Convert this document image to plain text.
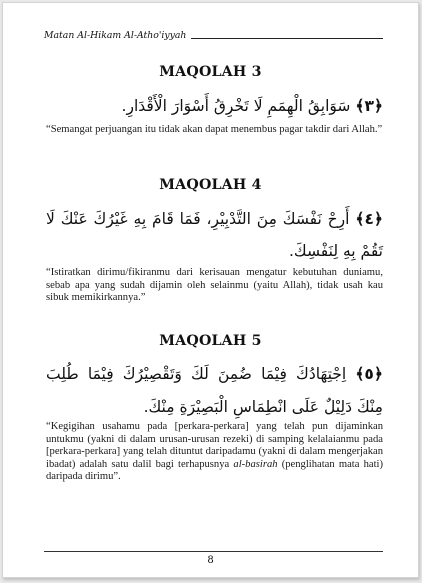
Matan Al-Hikam Al-Atho'iyyah
MAQOLAH 3
﴿٣﴾ سَوَابِقُ الْهِمَمِ لَا تَخْرِقُ أَسْوَارَ الْأَقْدَارِ.
“Semangat perjuangan itu tidak akan dapat menembus pagar takdir dari Allah.”
MAQOLAH 4
﴿٤﴾ أَرِحْ نَفْسَكَ مِنَ التَّدْبِيْرِ، فَمَا قَامَ بِهِ غَيْرُكَ عَنْكَ لَا تَقُمْ بِهِ لِنَفْسِكَ.
“Istiratkan dirimu/fikiranmu dari kerisauan mengatur kebutuhan duniamu, sebab apa yang sudah dijamin oleh selainmu (yaitu Allah), tidak usah kau sibuk memikirkannya.”
MAQOLAH 5
﴿٥﴾ اِجْتِهَادُكَ فِيْمَا ضُمِنَ لَكَ وَتَقْصِيْرُكَ فِيْمَا طُلِبَ مِنْكَ دَلِيْلٌ عَلَى انْطِمَاسِ الْبَصِيْرَةِ مِنْكَ.
“Kegigihan usahamu pada [perkara-perkara] yang telah pun dijaminkan untukmu (yakni di dalam urusan-urusan rezeki) di samping kelalaianmu pada [perkara-perkara] yang telah dituntut daripadamu (yakni di dalam mengerjakan ibadat) adalah satu dalil bagi terhapusnya al-basirah (penglihatan mata hati) daripada dirimu”.
8
